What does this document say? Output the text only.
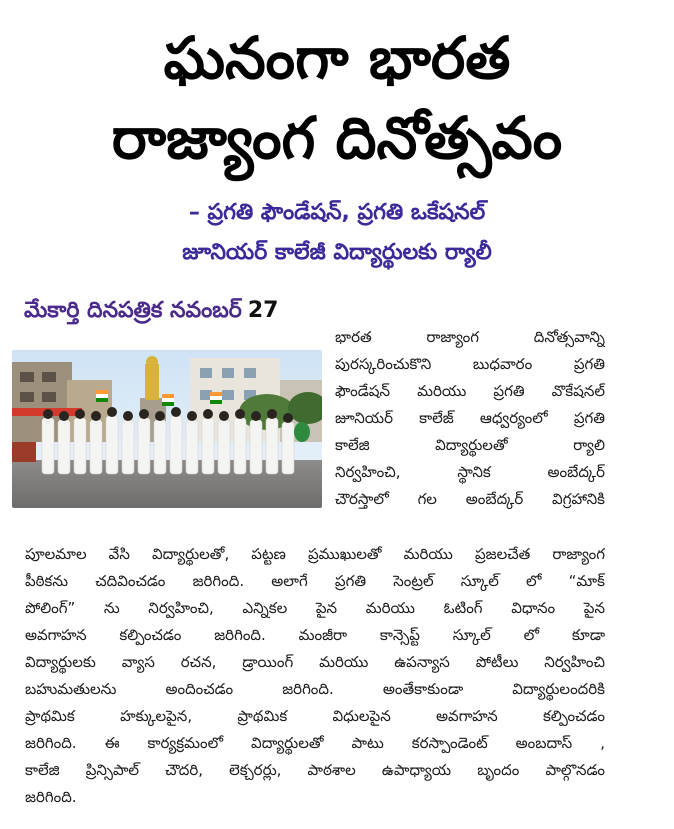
ఘనంగా భారత
రాజ్యాంగ దినోత్సవం
– ప్రగతి ఫౌండేషన్, ప్రగతి ఒకేషనల్
జూనియర్ కాలేజీ విద్యార్థులకు ర్యాలీ
మేకార్తి దినపత్రిక నవంబర్ 27
భారత రాజ్యాంగ దినోత్సవాన్ని
పురస్కరించుకొని బుధవారం ప్రగతి
ఫౌండేషన్ మరియు ప్రగతి వొకేషనల్
జూనియర్ కాలేజ్ ఆధ్వర్యంలో ప్రగతి
కాలేజి విద్యార్థులతో ర్యాలి
నిర్వహించి, స్థానిక అంబేద్కర్
చౌరస్తాలో గల అంబేద్కర్ విగ్రహానికి
పూలమాల వేసి విద్యార్థులతో, పట్టణ ప్రముఖులతో మరియు ప్రజలచేత రాజ్యాంగ
పీఠికను చదివించడం జరిగింది. అలాగే ప్రగతి సెంట్రల్ స్కూల్ లో “మాక్
పోలింగ్” ను నిర్వహించి, ఎన్నికల పైన మరియు ఓటింగ్ విధానం పైన
అవగాహన కల్పించడం జరిగింది. మంజీరా కాన్సెప్ట్ స్కూల్ లో కూడా
విద్యార్థులకు వ్యాస రచన, డ్రాయింగ్ మరియు ఉపన్యాస పోటీలు నిర్వహించి
బహుమతులను అందించడం జరిగింది. అంతేకాకుండా విద్యార్థులందరికి
ప్రాథమిక హక్కులపైన, ప్రాథమిక విధులపైన అవగాహన కల్పించడం
జరిగింది. ఈ కార్యక్రమంలో విద్యార్థులతో పాటు కరస్పాండెంట్ అంబదాస్ ,
కాలేజి ప్రిన్సిపాల్ చౌదరి, లెక్చరర్లు, పాఠశాల ఉపాధ్యాయ బృందం పాల్గొనడం
జరిగింది.
